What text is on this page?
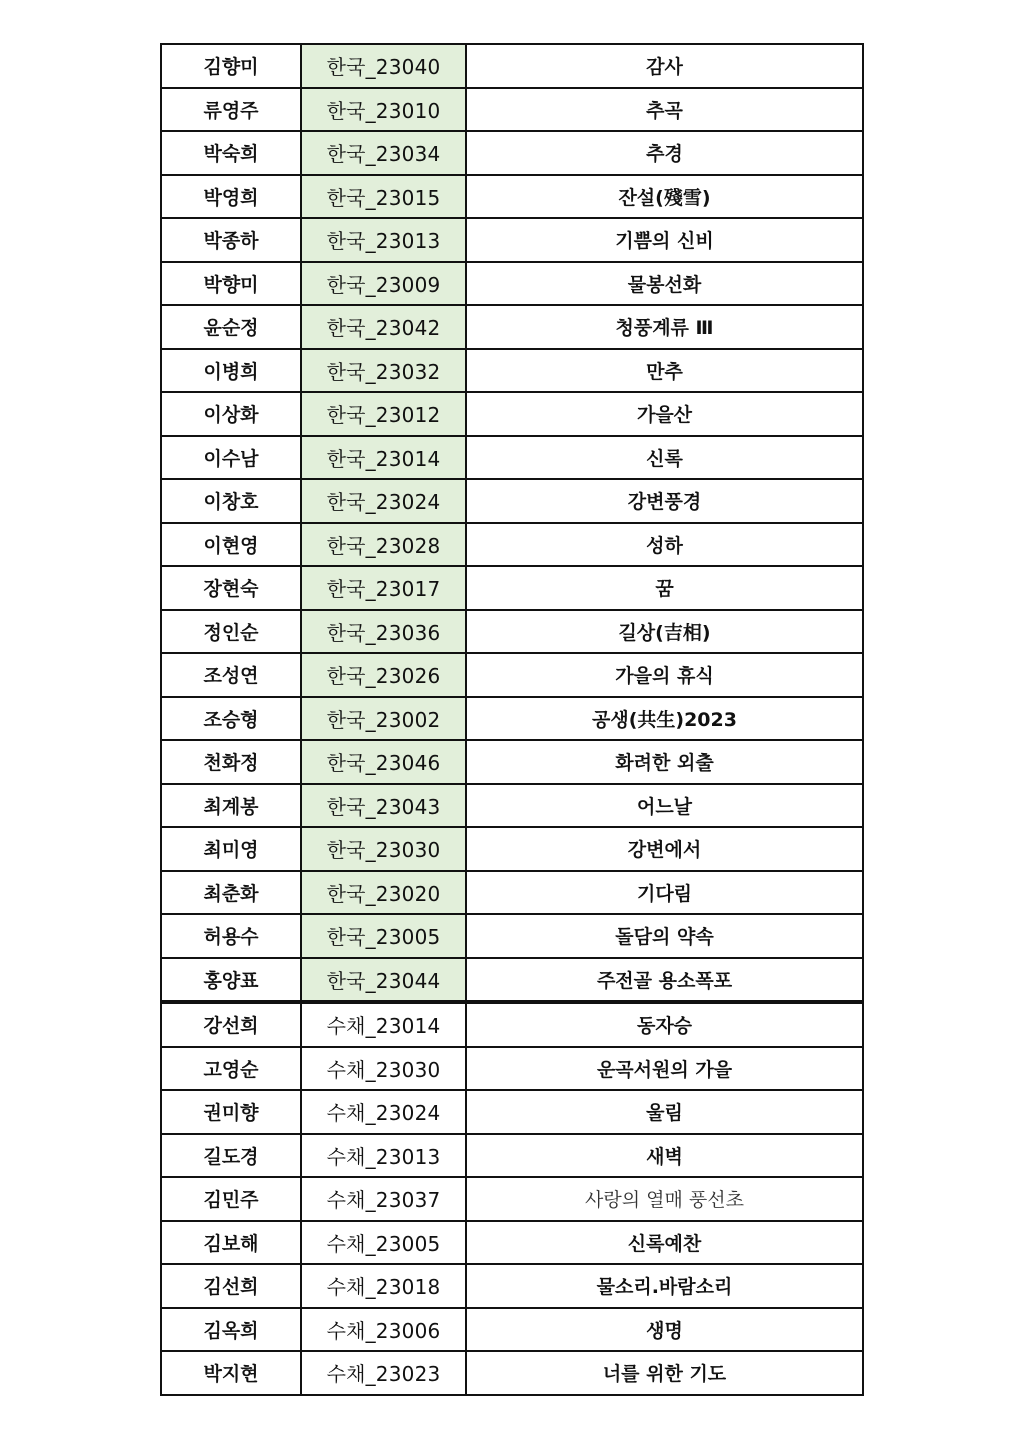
김향미	한국_23040	감사
류영주	한국_23010	추곡
박숙희	한국_23034	추경
박영희	한국_23015	잔설(殘雪)
박종하	한국_23013	기쁨의 신비
박향미	한국_23009	물봉선화
윤순정	한국_23042	청풍계류 Ⅲ
이병희	한국_23032	만추
이상화	한국_23012	가을산
이수남	한국_23014	신록
이창호	한국_23024	강변풍경
이현영	한국_23028	성하
장현숙	한국_23017	꿈
정인순	한국_23036	길상(吉相)
조성연	한국_23026	가을의 휴식
조승형	한국_23002	공생(共生)2023
천화정	한국_23046	화려한 외출
최계봉	한국_23043	어느날
최미영	한국_23030	강변에서
최춘화	한국_23020	기다림
허용수	한국_23005	돌담의 약속
홍양표	한국_23044	주전골 용소폭포
강선희	수채_23014	동자승
고영순	수채_23030	운곡서원의 가을
권미향	수채_23024	울림
길도경	수채_23013	새벽
김민주	수채_23037	사랑의 열매 풍선초
김보해	수채_23005	신록예찬
김선희	수채_23018	물소리.바람소리
김옥희	수채_23006	생명
박지현	수채_23023	너를 위한 기도
